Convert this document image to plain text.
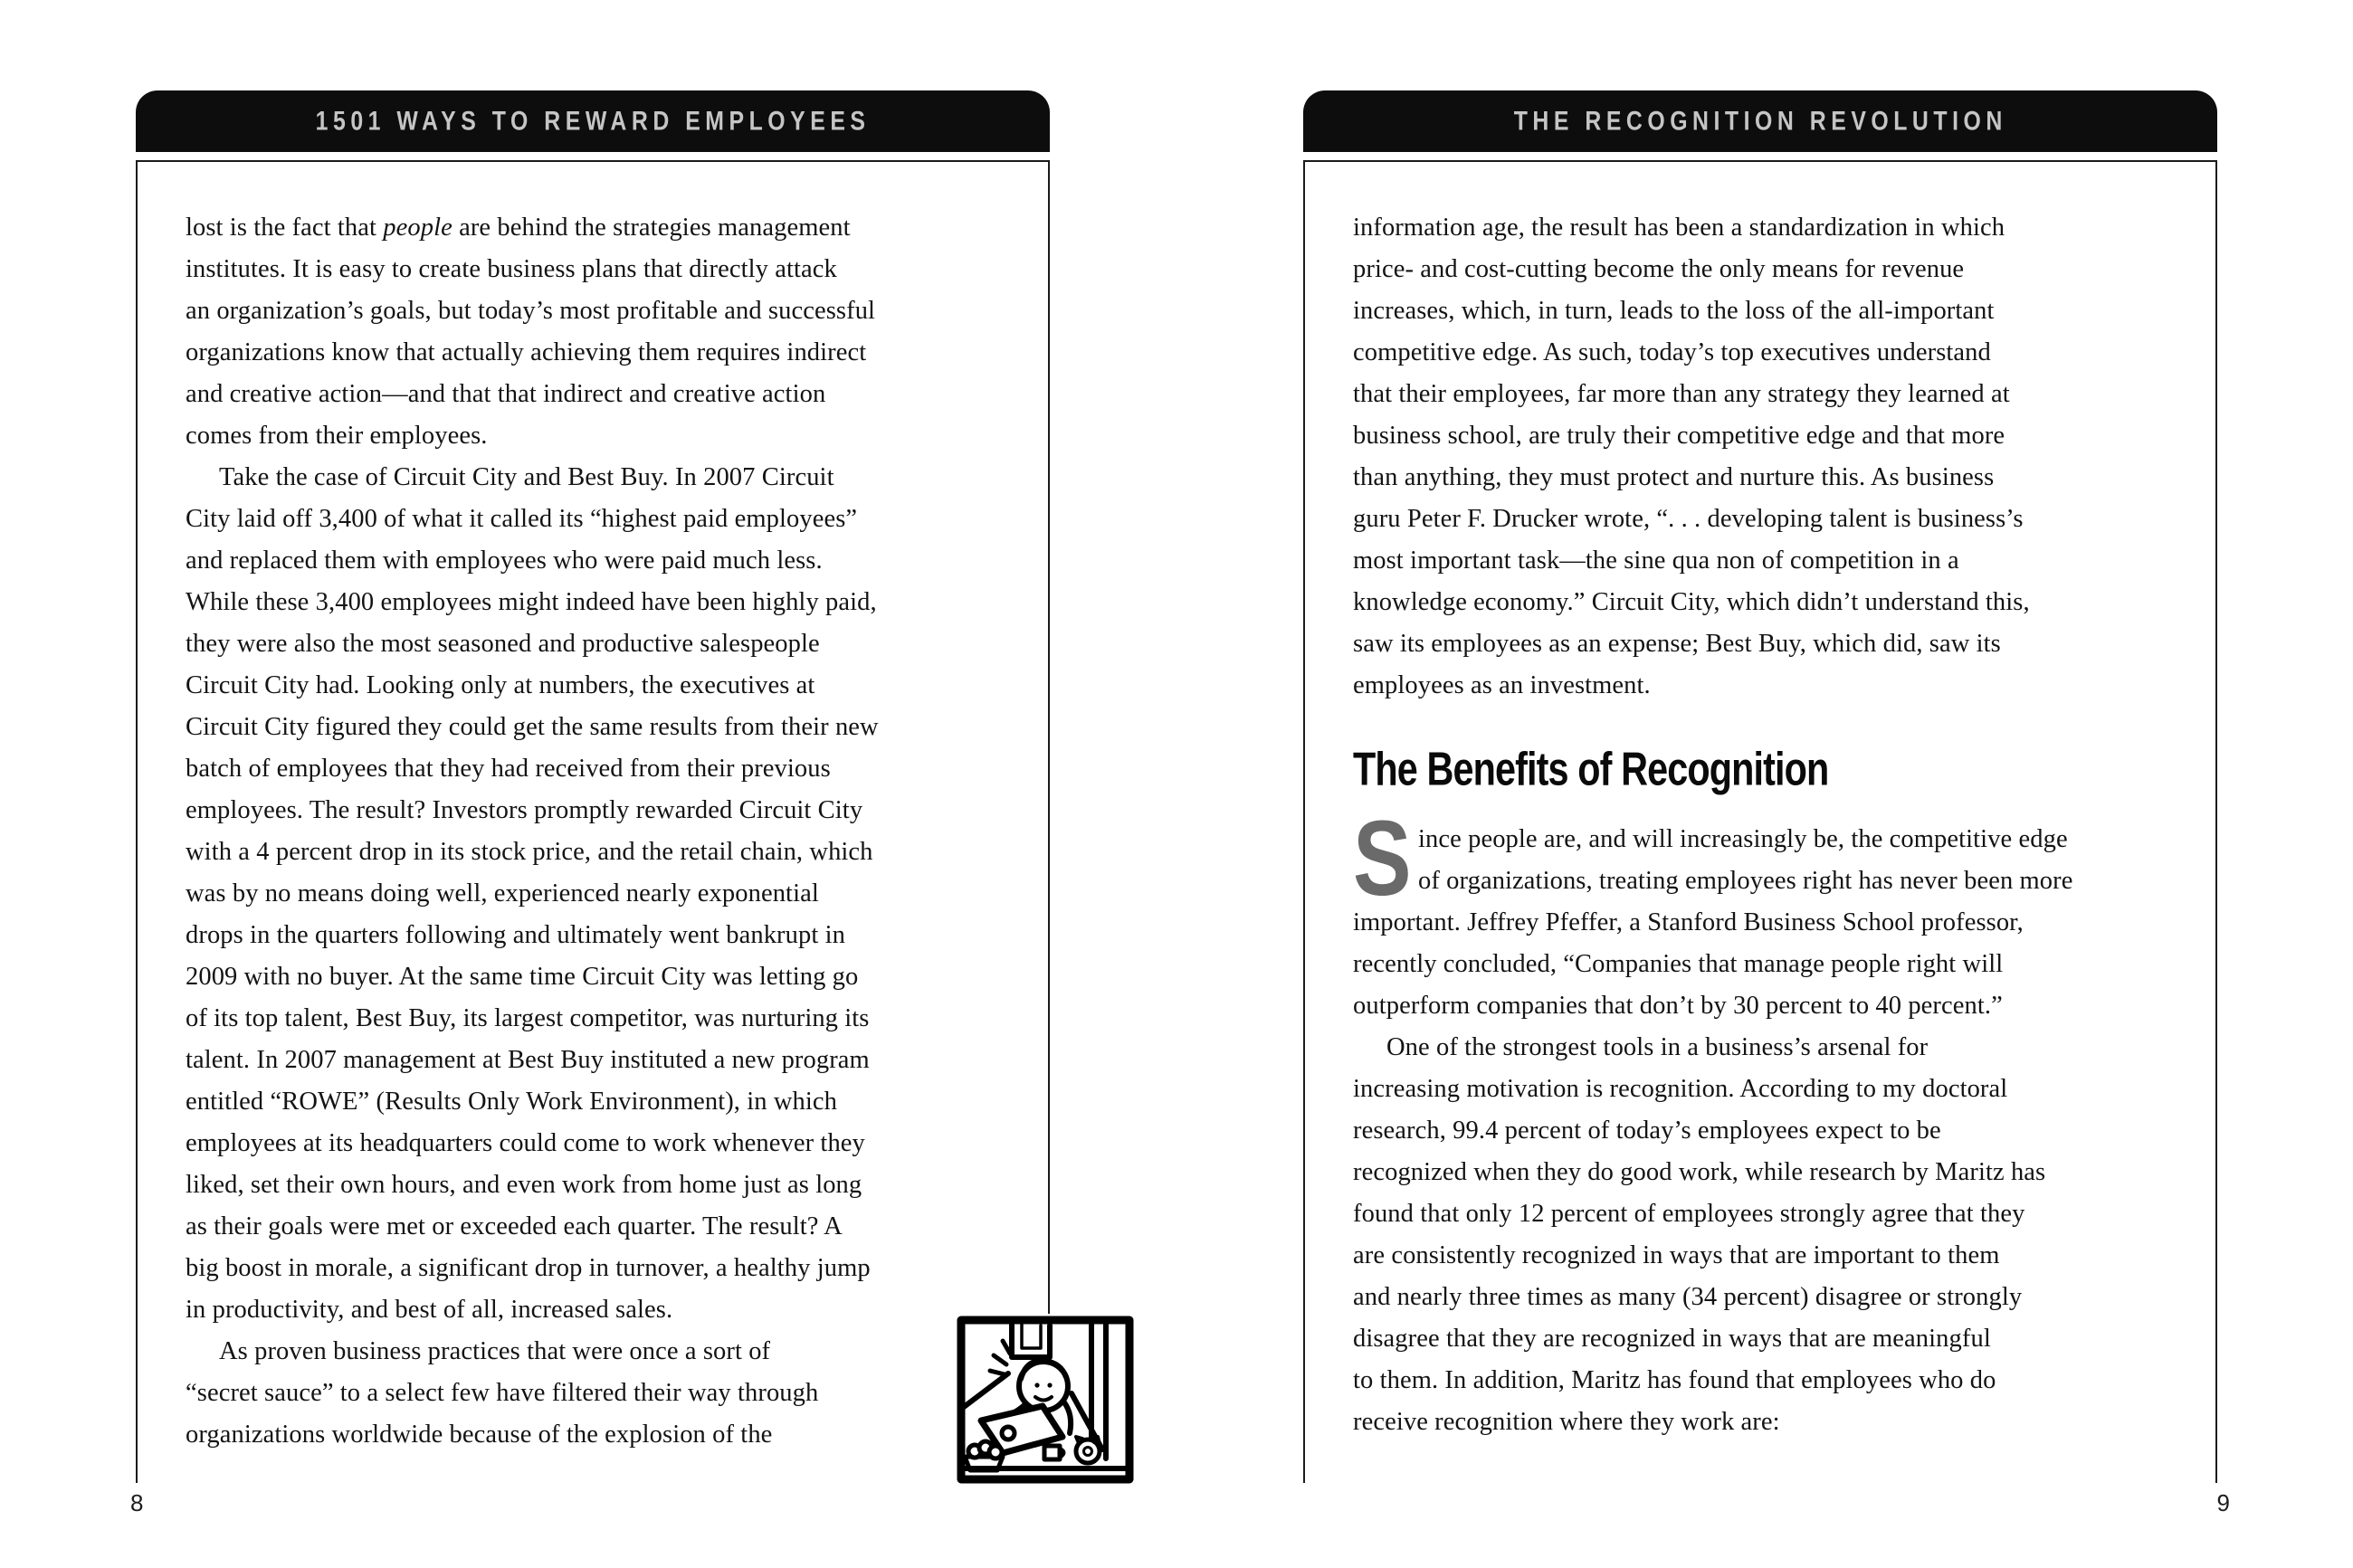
1501 WAYS TO REWARD EMPLOYEES
lost is the fact that people are behind the strategies management
institutes. It is easy to create business plans that directly attack
an organization’s goals, but today’s most profitable and successful
organizations know that actually achieving them requires indirect
and creative action—and that that indirect and creative action
comes from their employees.
Take the case of Circuit City and Best Buy. In 2007 Circuit
City laid off 3,400 of what it called its “highest paid employees”
and replaced them with employees who were paid much less.
While these 3,400 employees might indeed have been highly paid,
they were also the most seasoned and productive salespeople
Circuit City had. Looking only at numbers, the executives at
Circuit City figured they could get the same results from their new
batch of employees that they had received from their previous
employees. The result? Investors promptly rewarded Circuit City
with a 4 percent drop in its stock price, and the retail chain, which
was by no means doing well, experienced nearly exponential
drops in the quarters following and ultimately went bankrupt in
2009 with no buyer. At the same time Circuit City was letting go
of its top talent, Best Buy, its largest competitor, was nurturing its
talent. In 2007 management at Best Buy instituted a new program
entitled “ROWE” (Results Only Work Environment), in which
employees at its headquarters could come to work whenever they
liked, set their own hours, and even work from home just as long
as their goals were met or exceeded each quarter. The result? A
big boost in morale, a significant drop in turnover, a healthy jump
in productivity, and best of all, increased sales.
As proven business practices that were once a sort of
“secret sauce” to a select few have filtered their way through
organizations worldwide because of the explosion of the
8
THE RECOGNITION REVOLUTION
information age, the result has been a standardization in which
price- and cost-cutting become the only means for revenue
increases, which, in turn, leads to the loss of the all-important
competitive edge. As such, today’s top executives understand
that their employees, far more than any strategy they learned at
business school, are truly their competitive edge and that more
than anything, they must protect and nurture this. As business
guru Peter F. Drucker wrote, “. . . developing talent is business’s
most important task—the sine qua non of competition in a
knowledge economy.” Circuit City, which didn’t understand this,
saw its employees as an expense; Best Buy, which did, saw its
employees as an investment.
The Benefits of Recognition
S ince people are, and will increasingly be, the competitive edge
of organizations, treating employees right has never been more
important. Jeffrey Pfeffer, a Stanford Business School professor,
recently concluded, “Companies that manage people right will
outperform companies that don’t by 30 percent to 40 percent.”
One of the strongest tools in a business’s arsenal for
increasing motivation is recognition. According to my doctoral
research, 99.4 percent of today’s employees expect to be
recognized when they do good work, while research by Maritz has
found that only 12 percent of employees strongly agree that they
are consistently recognized in ways that are important to them
and nearly three times as many (34 percent) disagree or strongly
disagree that they are recognized in ways that are meaningful
to them. In addition, Maritz has found that employees who do
receive recognition where they work are:
9
